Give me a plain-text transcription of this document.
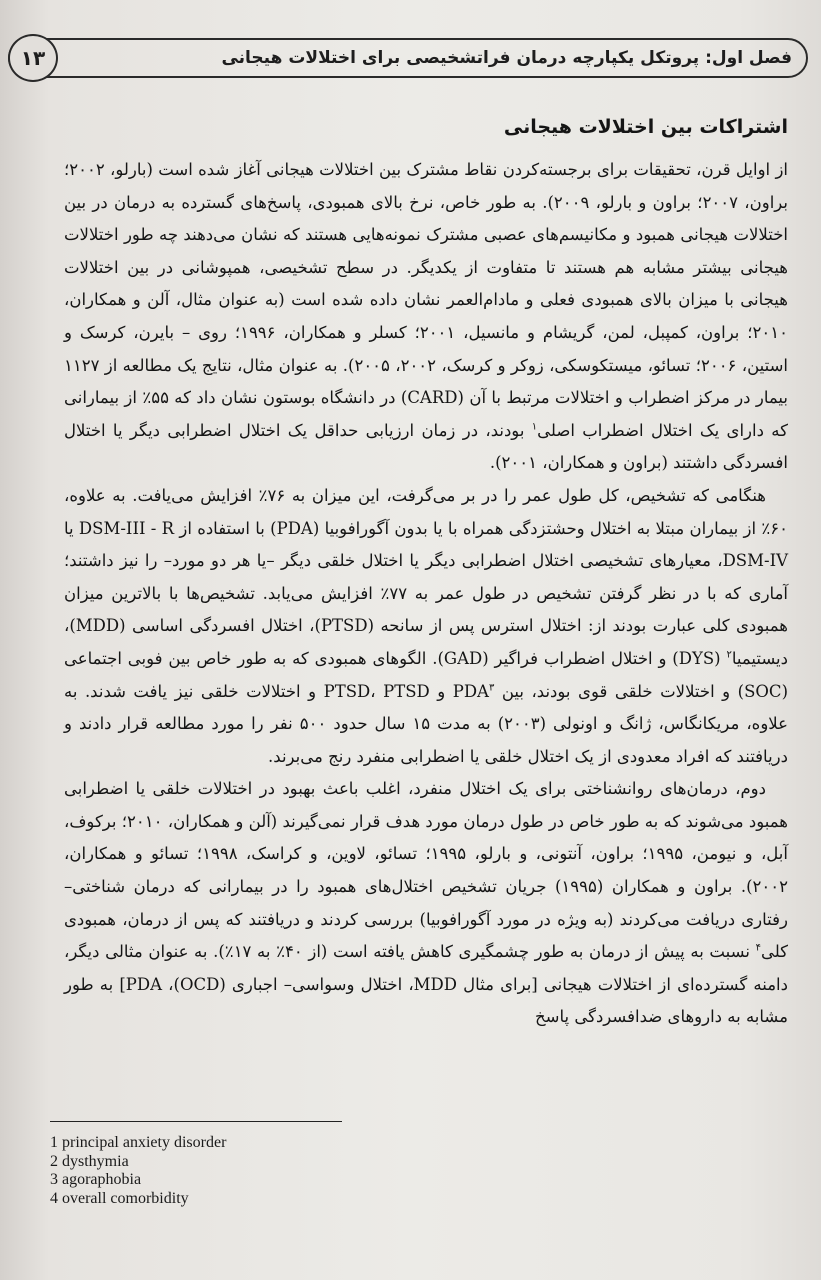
فصل اول: پروتکل یکپارچه درمان فراتشخیصی برای اختلالات هیجانی
۱۳
اشتراکات بین اختلالات هیجانی

از اوایل قرن، تحقیقات برای برجسته‌کردن نقاط مشترک بین اختلالات هیجانی آغاز شده است (بارلو، ۲۰۰۲؛ براون، ۲۰۰۷؛ براون و بارلو، ۲۰۰۹). به طور خاص، نرخ بالای همبودی، پاسخ‌های گسترده به درمان در بین اختلالات هیجانی همبود و مکانیسم‌های عصبی مشترک نمونه‌هایی هستند که نشان می‌دهند چه طور اختلالات هیجانی بیشتر مشابه هم هستند تا متفاوت از یکدیگر. در سطح تشخیصی، همپوشانی در بین اختلالات هیجانی با میزان بالای همبودی فعلی و مادام‌العمر نشان داده شده است (به عنوان مثال، آلن و همکاران، ۲۰۱۰؛ براون، کمپبل، لمن، گریشام و مانسیل، ۲۰۰۱؛ کسلر و همکاران، ۱۹۹۶؛ روی – بایرن، کرسک و استین، ۲۰۰۶؛ تسائو، میستکوسکی، زوکر و کرسک، ۲۰۰۲، ۲۰۰۵). به عنوان مثال، نتایج یک مطالعه از ۱۱۲۷ بیمار در مرکز اضطراب و اختلالات مرتبط با آن (CARD) در دانشگاه بوستون نشان داد که ۵۵٪ از بیمارانی که دارای یک اختلال اضطراب اصلی$^۱$ بودند، در زمان ارزیابی حداقل یک اختلال اضطرابی دیگر یا اختلال افسردگی داشتند (براون و همکاران، ۲۰۰۱).

هنگامی که تشخیص، کل طول عمر را در بر می‌گرفت، این میزان به ۷۶٪ افزایش می‌یافت. به علاوه، ۶۰٪ از بیماران مبتلا به اختلال وحشتزدگی همراه با یا بدون آگورافوبیا (PDA) با استفاده از DSM-III - R یا DSM-IV، معیارهای تشخیصی اختلال اضطرابی دیگر یا اختلال خلقی دیگر –یا هر دو مورد– را نیز داشتند؛ آماری که با در نظر گرفتن تشخیص در طول عمر به ۷۷٪ افزایش می‌یابد. تشخیص‌ها با بالاترین میزان همبودی کلی عبارت بودند از: اختلال استرس پس از سانحه (PTSD)، اختلال افسردگی اساسی (MDD)، دیستیمیا$^۲$ (DYS) و اختلال اضطراب فراگیر (GAD). الگوهای همبودی که به طور خاص بین فوبی اجتماعی (SOC) و اختلالات خلقی قوی بودند، بین PDA$^۳$ و PTSD، PTSD و اختلالات خلقی نیز یافت شدند. به علاوه، مریکانگاس، ژانگ و اونولی (۲۰۰۳) به مدت ۱۵ سال حدود ۵۰۰ نفر را مورد مطالعه قرار دادند و دریافتند که افراد معدودی از یک اختلال خلقی یا اضطرابی منفرد رنج می‌برند.

دوم، درمان‌های روانشناختی برای یک اختلال منفرد، اغلب باعث بهبود در اختلالات خلقی یا اضطرابی همبود می‌شوند که به طور خاص در طول درمان مورد هدف قرار نمی‌گیرند (آلن و همکاران، ۲۰۱۰؛ برکوف، آبل، و نیومن، ۱۹۹۵؛ براون، آنتونی، و بارلو، ۱۹۹۵؛ تسائو، لاوین، و کراسک، ۱۹۹۸؛ تسائو و همکاران، ۲۰۰۲). براون و همکاران (۱۹۹۵) جریان تشخیص اختلال‌های همبود را در بیمارانی که درمان شناختی–رفتاری دریافت می‌کردند (به ویژه در مورد آگورافوبیا) بررسی کردند و دریافتند که پس از درمان، همبودی کلی$^۴$ نسبت به پیش از درمان به طور چشمگیری کاهش یافته است (از ۴۰٪ به ۱۷٪). به عنوان مثالی دیگر، دامنه گسترده‌ای از اختلالات هیجانی [برای مثال MDD، اختلال وسواسی– اجباری (OCD)، PDA] به طور مشابه به داروهای ضدافسردگی پاسخ

1 principal anxiety disorder
2 dysthymia
3 agoraphobia
4 overall comorbidity
